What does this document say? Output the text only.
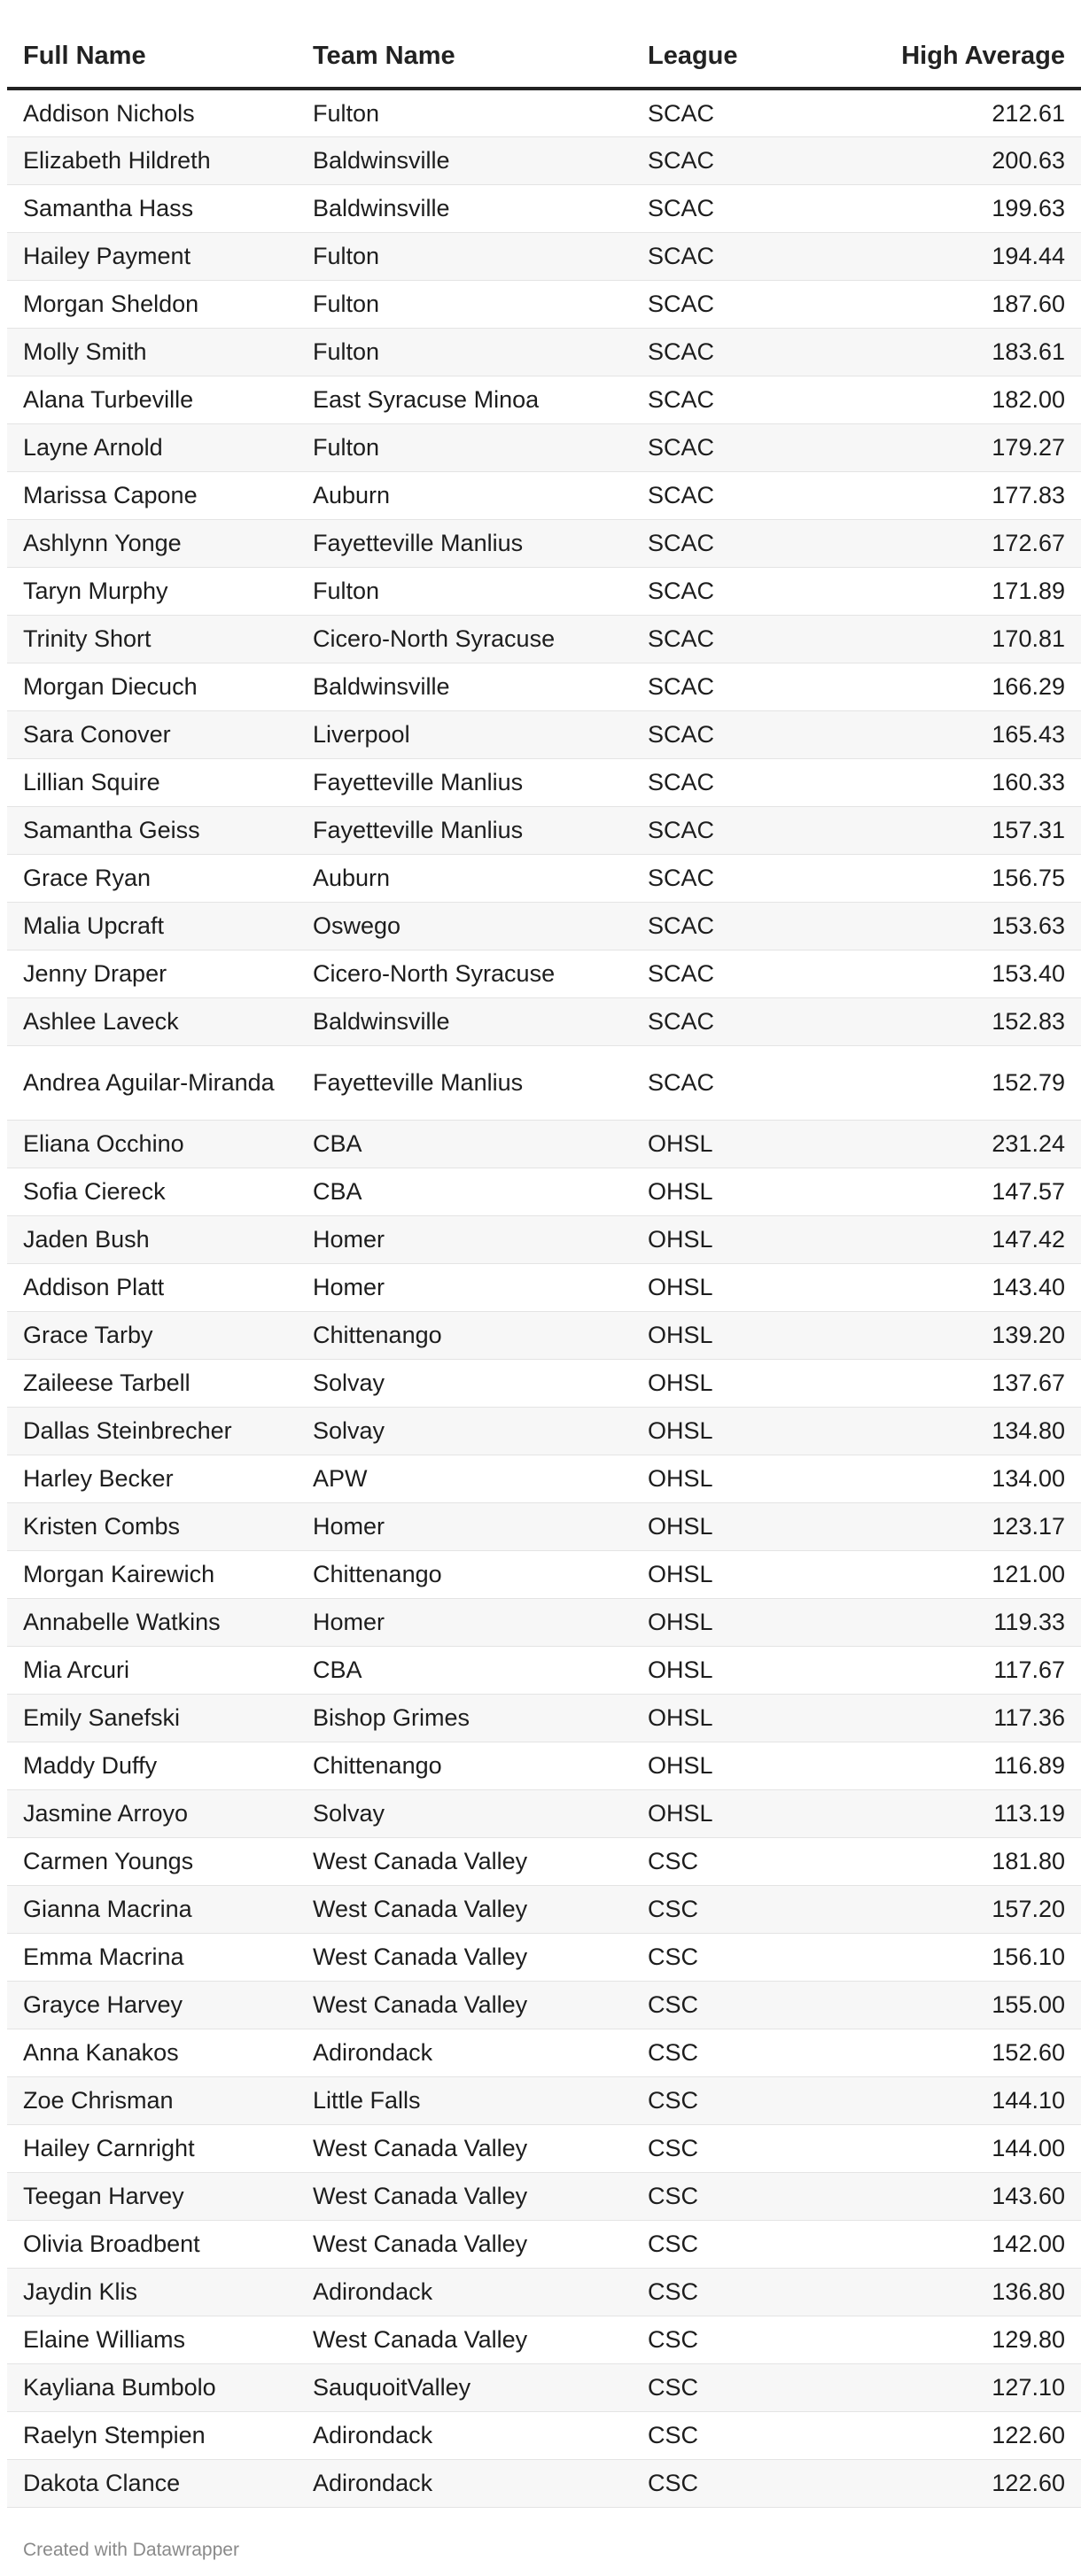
Full Name	Team Name	League	High Average
Addison Nichols	Fulton	SCAC	212.61
Elizabeth Hildreth	Baldwinsville	SCAC	200.63
Samantha Hass	Baldwinsville	SCAC	199.63
Hailey Payment	Fulton	SCAC	194.44
Morgan Sheldon	Fulton	SCAC	187.60
Molly Smith	Fulton	SCAC	183.61
Alana Turbeville	East Syracuse Minoa	SCAC	182.00
Layne Arnold	Fulton	SCAC	179.27
Marissa Capone	Auburn	SCAC	177.83
Ashlynn Yonge	Fayetteville Manlius	SCAC	172.67
Taryn Murphy	Fulton	SCAC	171.89
Trinity Short	Cicero-North Syracuse	SCAC	170.81
Morgan Diecuch	Baldwinsville	SCAC	166.29
Sara Conover	Liverpool	SCAC	165.43
Lillian Squire	Fayetteville Manlius	SCAC	160.33
Samantha Geiss	Fayetteville Manlius	SCAC	157.31
Grace Ryan	Auburn	SCAC	156.75
Malia Upcraft	Oswego	SCAC	153.63
Jenny Draper	Cicero-North Syracuse	SCAC	153.40
Ashlee Laveck	Baldwinsville	SCAC	152.83
Andrea Aguilar-Miranda	Fayetteville Manlius	SCAC	152.79
Eliana Occhino	CBA	OHSL	231.24
Sofia Ciereck	CBA	OHSL	147.57
Jaden Bush	Homer	OHSL	147.42
Addison Platt	Homer	OHSL	143.40
Grace Tarby	Chittenango	OHSL	139.20
Zaileese Tarbell	Solvay	OHSL	137.67
Dallas Steinbrecher	Solvay	OHSL	134.80
Harley Becker	APW	OHSL	134.00
Kristen Combs	Homer	OHSL	123.17
Morgan Kairewich	Chittenango	OHSL	121.00
Annabelle Watkins	Homer	OHSL	119.33
Mia Arcuri	CBA	OHSL	117.67
Emily Sanefski	Bishop Grimes	OHSL	117.36
Maddy Duffy	Chittenango	OHSL	116.89
Jasmine Arroyo	Solvay	OHSL	113.19
Carmen Youngs	West Canada Valley	CSC	181.80
Gianna Macrina	West Canada Valley	CSC	157.20
Emma Macrina	West Canada Valley	CSC	156.10
Grayce Harvey	West Canada Valley	CSC	155.00
Anna Kanakos	Adirondack	CSC	152.60
Zoe Chrisman	Little Falls	CSC	144.10
Hailey Carnright	West Canada Valley	CSC	144.00
Teegan Harvey	West Canada Valley	CSC	143.60
Olivia Broadbent	West Canada Valley	CSC	142.00
Jaydin Klis	Adirondack	CSC	136.80
Elaine Williams	West Canada Valley	CSC	129.80
Kayliana Bumbolo	SauquoitValley	CSC	127.10
Raelyn Stempien	Adirondack	CSC	122.60
Dakota Clance	Adirondack	CSC	122.60
Created with Datawrapper
